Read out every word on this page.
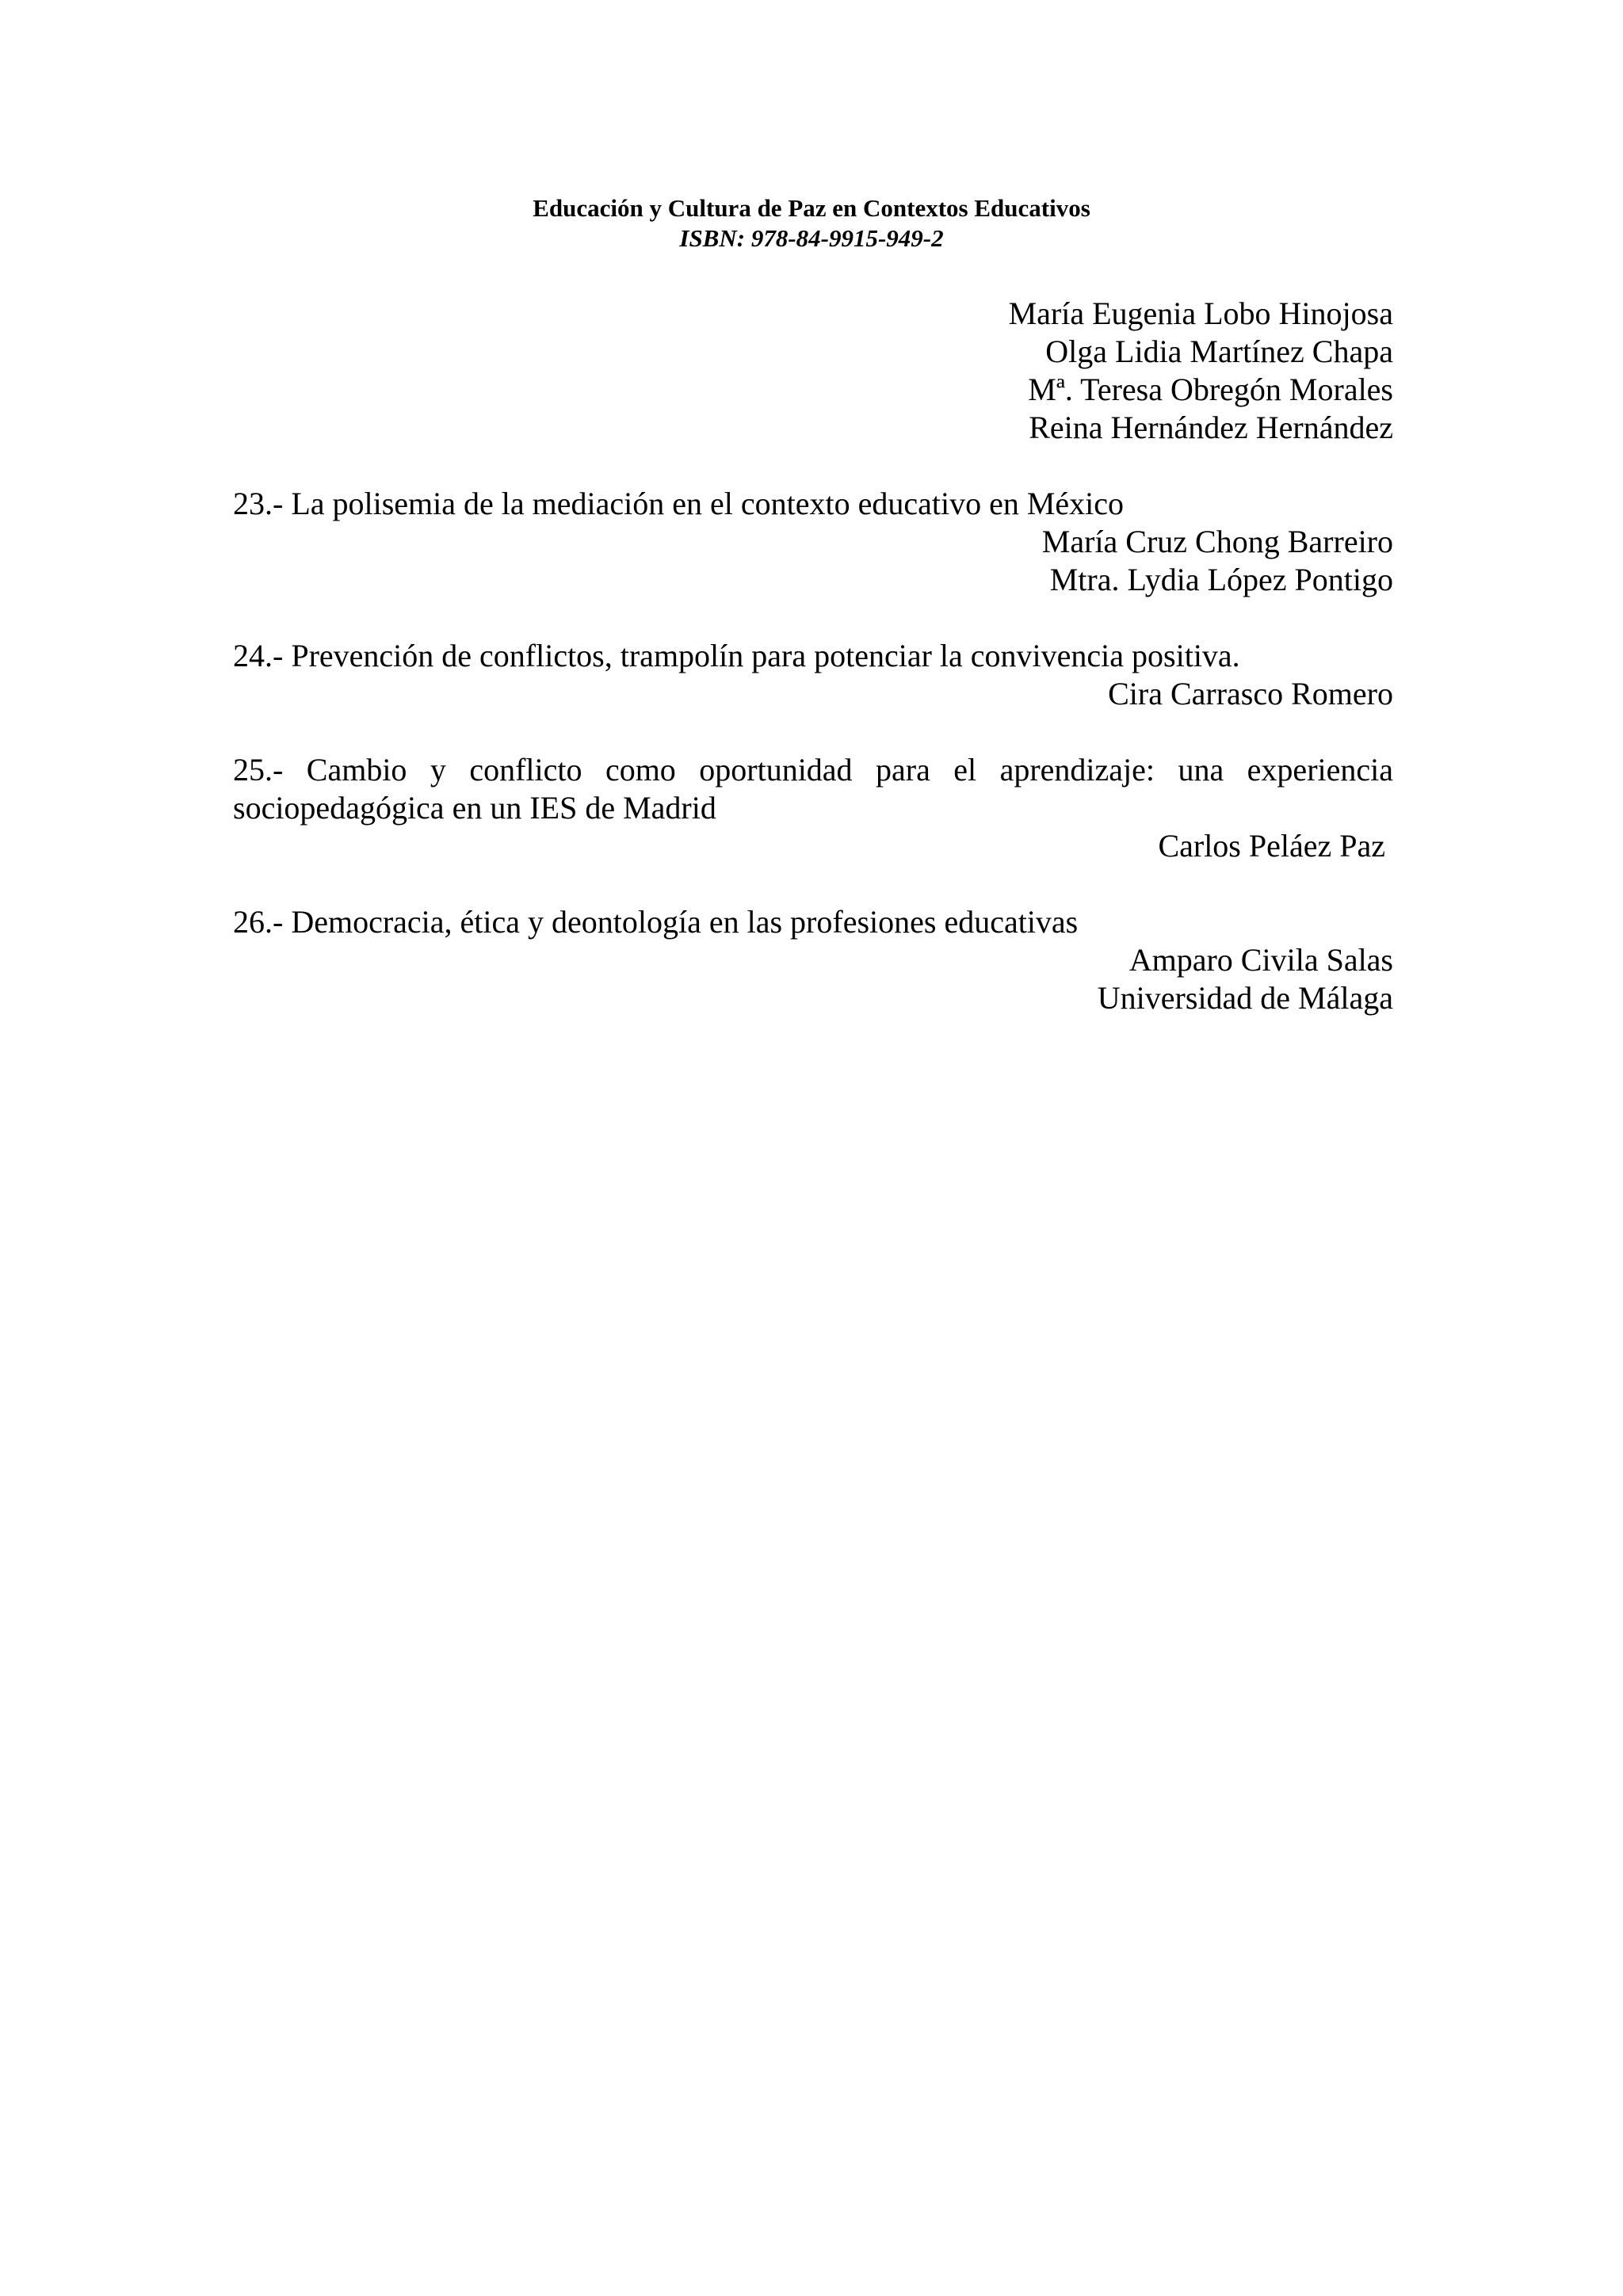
Educación y Cultura de Paz en Contextos Educativos
ISBN: 978-84-9915-949-2
María Eugenia Lobo Hinojosa
Olga Lidia Martínez Chapa
Mª. Teresa Obregón Morales
Reina Hernández Hernández
23.- La polisemia de la mediación en el contexto educativo en México
María Cruz Chong Barreiro
Mtra. Lydia López Pontigo
24.- Prevención de conflictos, trampolín para potenciar la convivencia positiva.
Cira Carrasco Romero
25.- Cambio y conflicto como oportunidad para el aprendizaje: una experiencia
sociopedagógica en un IES de Madrid
Carlos Peláez Paz
26.- Democracia, ética y deontología en las profesiones educativas
Amparo Civila Salas
Universidad de Málaga
